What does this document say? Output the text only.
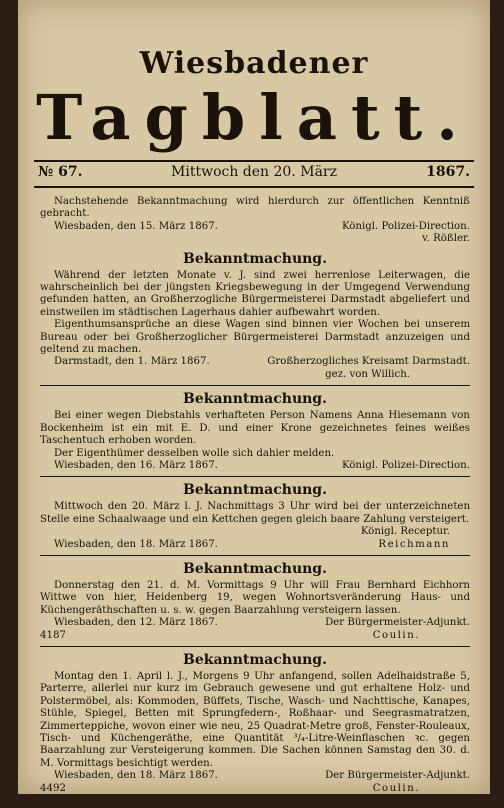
Wiesbadener
Tagblatt.
№ 67.	Mittwoch den 20. März	1867.

Nachstehende Bekanntmachung wird hierdurch zur öffentlichen Kenntniß gebracht.

Wiesbaden, den 15. März 1867.	Königl. Polizei-Direction.

v. Rößler.

Bekanntmachung.

Während der letzten Monate v. J. sind zwei herrenlose Leiterwagen, die wahrscheinlich bei der jüngsten Kriegsbewegung in der Umgegend Verwendung gefunden hatten, an Großherzogliche Bürgermeisterei Darmstadt abgeliefert und einstweilen im städtischen Lagerhaus dahier aufbewahrt worden.

Eigenthumsansprüche an diese Wagen sind binnen vier Wochen bei unserem Bureau oder bei Großherzoglicher Bürgermeisterei Darmstadt anzuzeigen und geltend zu machen.

Darmstadt, den 1. März 1867.	Großherzogliches Kreisamt Darmstadt.

gez. von Willich.

Bekanntmachung.

Bei einer wegen Diebstahls verhafteten Person Namens Anna Hiesemann von Bockenheim ist ein mit E. D. und einer Krone gezeichnetes feines weißes Taschentuch erhoben worden.

Der Eigenthümer desselben wolle sich dahier melden.

Wiesbaden, den 16. März 1867.	Königl. Polizei-Direction.
Bekanntmachung.

Mittwoch den 20. März l. J. Nachmittags 3 Uhr wird bei der unterzeichneten Stelle eine Schaalwaage und ein Kettchen gegen gleich baare Zahlung versteigert.

Königl. Receptur.

Wiesbaden, den 18. März 1867.	Reichmann
Bekanntmachung.

Donnerstag den 21. d. M. Vormittags 9 Uhr will Frau Bernhard Eichhorn Wittwe von hier, Heidenberg 19, wegen Wohnortsveränderung Haus- und Küchengeräthschaften u. s. w. gegen Baarzahlung versteigern lassen.

Wiesbaden, den 12. März 1867.	Der Bürgermeister-Adjunkt.
4187	Coulin.
Bekanntmachung.

Montag den 1. April l. J., Morgens 9 Uhr anfangend, sollen Adelhaidstraße 5, Parterre, allerlei nur kurz im Gebrauch gewesene und gut erhaltene Holz- und Polstermöbel, als: Kommoden, Büffets, Tische, Wasch- und Nachttische, Kanapes, Stühle, Spiegel, Betten mit Sprungfedern-, Roßhaar- und Seegrasmatratzen, Zimmerteppiche, wovon einer wie neu, 25 Quadrat-Metre groß, Fenster-Rouleaux, Tisch- und Küchengeräthe, eine Quantität ³/₄-Litre-Weinflaschen ꝛc. gegen Baarzahlung zur Versteigerung kommen. Die Sachen können Samstag den 30. d. M. Vormittags besichtigt werden.

Wiesbaden, den 18. März 1867.	Der Bürgermeister-Adjunkt.
4492	Coulin.
